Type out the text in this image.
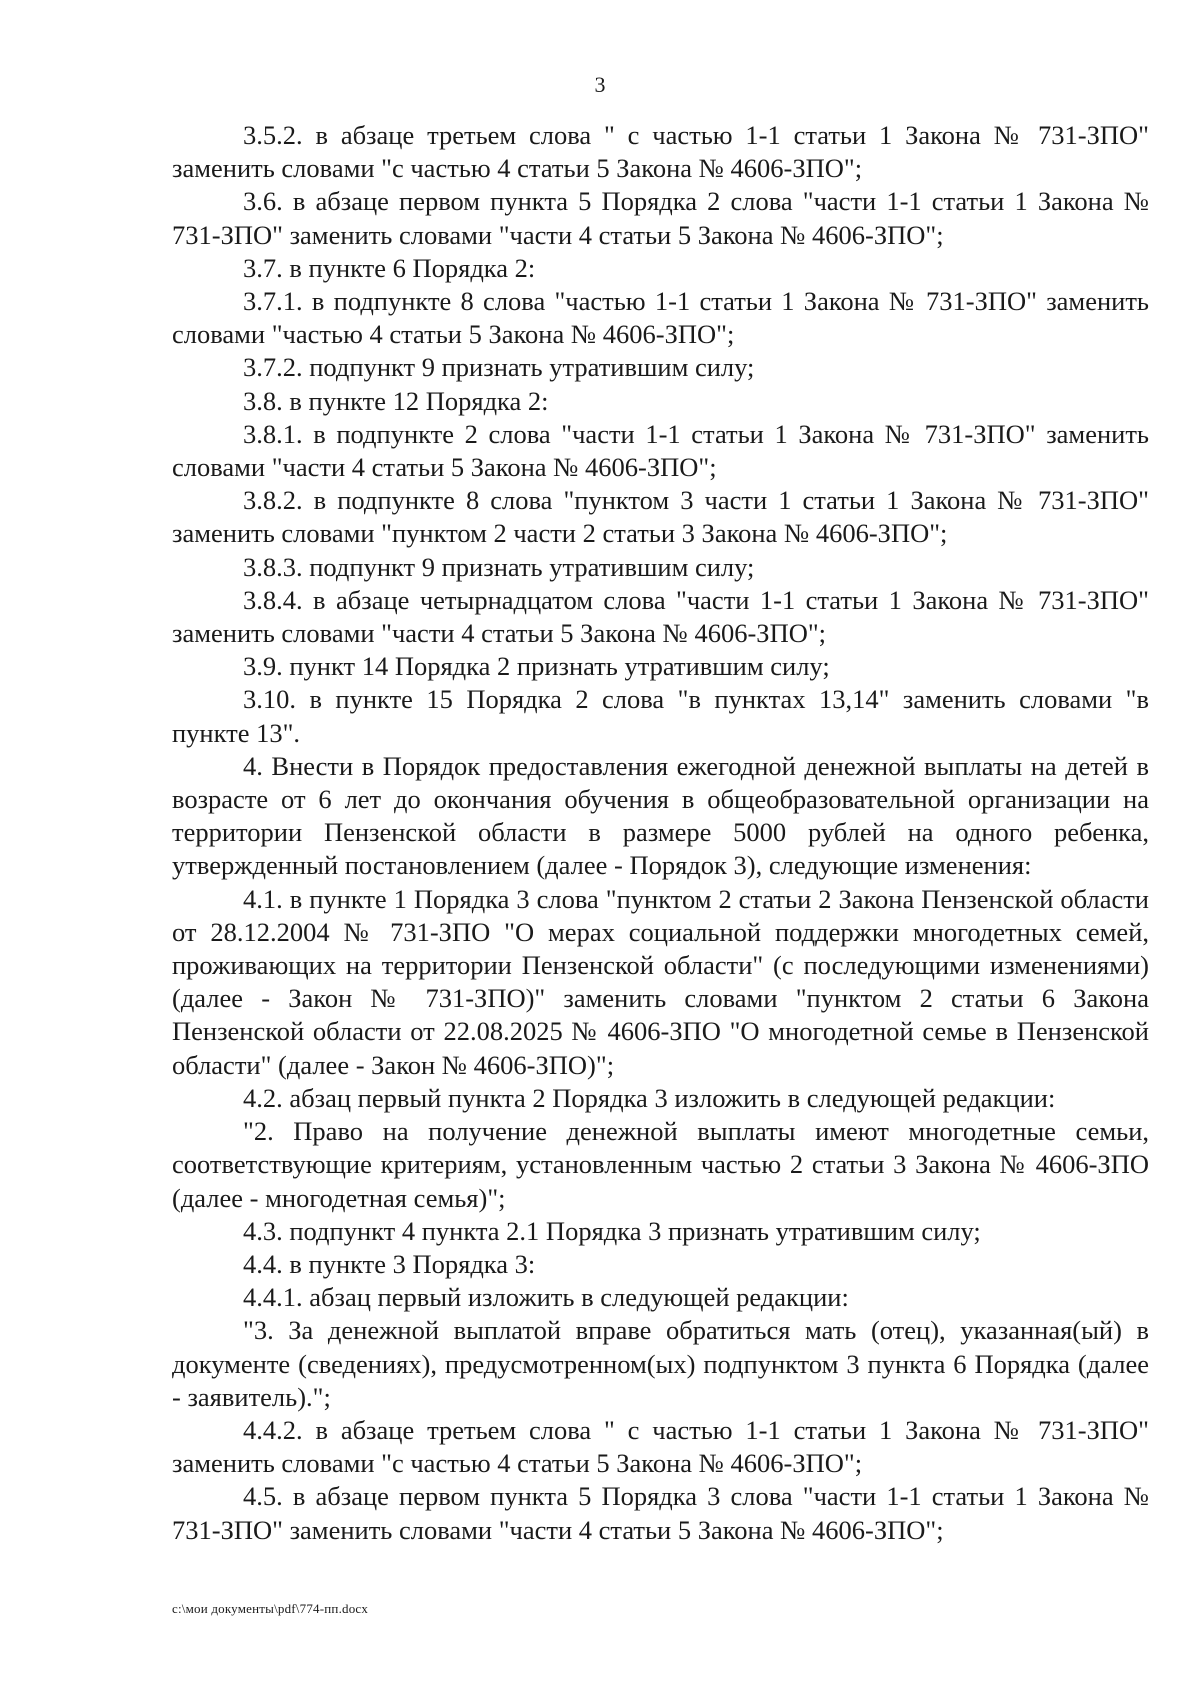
3

3.5.2. в абзаце третьем слова " с частью 1-1 статьи 1 Закона № 731-ЗПО" заменить словами "с частью 4 статьи 5 Закона № 4606-ЗПО";

3.6. в абзаце первом пункта 5 Порядка 2 слова "части 1-1 статьи 1 Закона № 731-ЗПО" заменить словами "части 4 статьи 5 Закона № 4606-ЗПО";

3.7. в пункте 6 Порядка 2:

3.7.1. в подпункте 8 слова "частью 1-1 статьи 1 Закона № 731-ЗПО" заменить словами "частью 4 статьи 5 Закона № 4606-ЗПО";

3.7.2. подпункт 9 признать утратившим силу;

3.8. в пункте 12 Порядка 2:

3.8.1. в подпункте 2 слова "части 1-1 статьи 1 Закона № 731-ЗПО" заменить словами "части 4 статьи 5 Закона № 4606-ЗПО";

3.8.2. в подпункте 8 слова "пунктом 3 части 1 статьи 1 Закона № 731-ЗПО" заменить словами "пунктом 2 части 2 статьи 3 Закона № 4606-ЗПО";

3.8.3. подпункт 9 признать утратившим силу;

3.8.4. в абзаце четырнадцатом слова "части 1-1 статьи 1 Закона № 731-ЗПО" заменить словами "части 4 статьи 5 Закона № 4606-ЗПО";

3.9. пункт 14 Порядка 2 признать утратившим силу;

3.10. в пункте 15 Порядка 2 слова "в пунктах 13,14" заменить словами "в пункте 13".

4. Внести в Порядок предоставления ежегодной денежной выплаты на детей в возрасте от 6 лет до окончания обучения в общеобразовательной организации на территории Пензенской области в размере 5000 рублей на одного ребенка, утвержденный постановлением (далее - Порядок 3), следующие изменения:

4.1. в пункте 1 Порядка 3 слова "пунктом 2 статьи 2 Закона Пензенской области от 28.12.2004 № 731-ЗПО "О мерах социальной поддержки многодетных семей, проживающих на территории Пензенской области" (с последующими изменениями) (далее - Закон № 731-ЗПО)" заменить словами "пунктом 2 статьи 6 Закона Пензенской области от 22.08.2025 № 4606-ЗПО "О многодетной семье в Пензенской области" (далее - Закон № 4606-ЗПО)";

4.2. абзац первый пункта 2 Порядка 3 изложить в следующей редакции:

"2. Право на получение денежной выплаты имеют многодетные семьи, соответствующие критериям, установленным частью 2 статьи 3 Закона № 4606-ЗПО (далее - многодетная семья)";

4.3. подпункт 4 пункта 2.1 Порядка 3 признать утратившим силу;

4.4. в пункте 3 Порядка 3:

4.4.1. абзац первый изложить в следующей редакции:

"3. За денежной выплатой вправе обратиться мать (отец), указанная(ый) в документе (сведениях), предусмотренном(ых) подпунктом 3 пункта 6 Порядка (далее - заявитель).";

4.4.2. в абзаце третьем слова " с частью 1-1 статьи 1 Закона № 731-ЗПО" заменить словами "с частью 4 статьи 5 Закона № 4606-ЗПО";

4.5. в абзаце первом пункта 5 Порядка 3 слова "части 1-1 статьи 1 Закона № 731-ЗПО" заменить словами "части 4 статьи 5 Закона № 4606-ЗПО";

c:\мои документы\pdf\774-пп.docx
